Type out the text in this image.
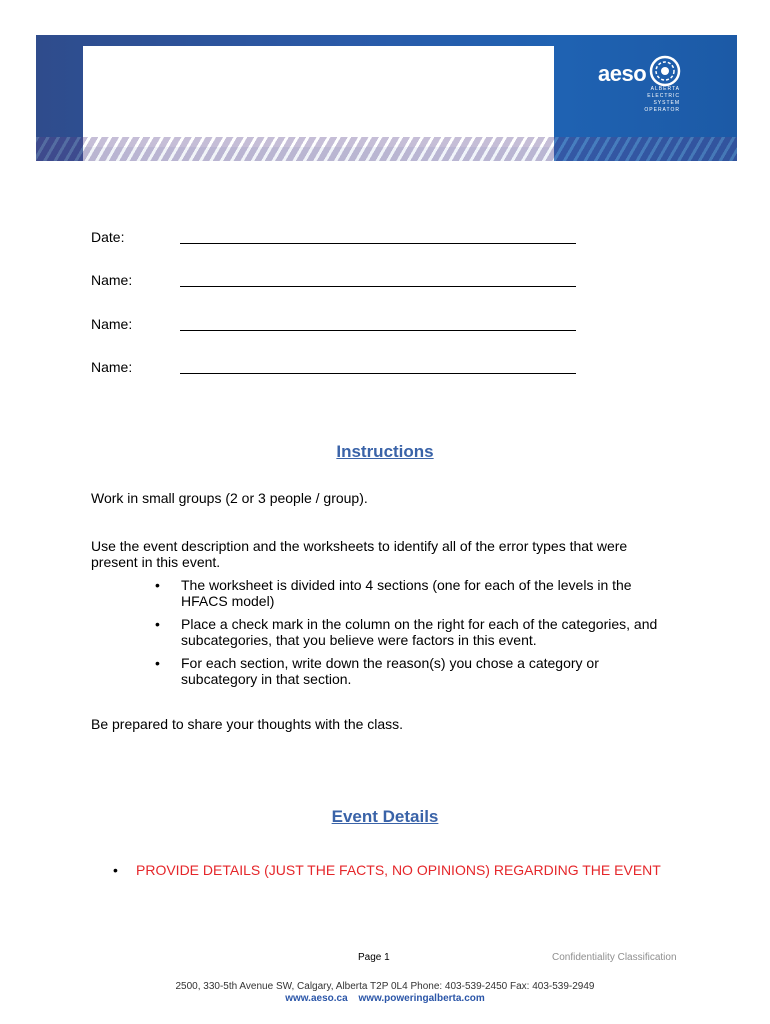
aeso
ALBERTA
ELECTRIC
SYSTEM
OPERATOR
Date:
Name:
Name:
Name:
Instructions

Work in small groups (2 or 3 people / group).

Use the event description and the worksheets to identify all of the error types that were present in this event.

• The worksheet is divided into 4 sections (one for each of the levels in the HFACS model)
• Place a check mark in the column on the right for each of the categories, and subcategories, that you believe were factors in this event.
• For each section, write down the reason(s) you chose a category or subcategory in that section.

Be prepared to share your thoughts with the class.

Event Details
• PROVIDE DETAILS (JUST THE FACTS, NO OPINIONS) REGARDING THE EVENT
Page 1	Confidentiality Classification
2500, 330-5th Avenue SW, Calgary, Alberta T2P 0L4 Phone: 403-539-2450 Fax: 403-539-2949
www.aeso.ca www.poweringalberta.com
